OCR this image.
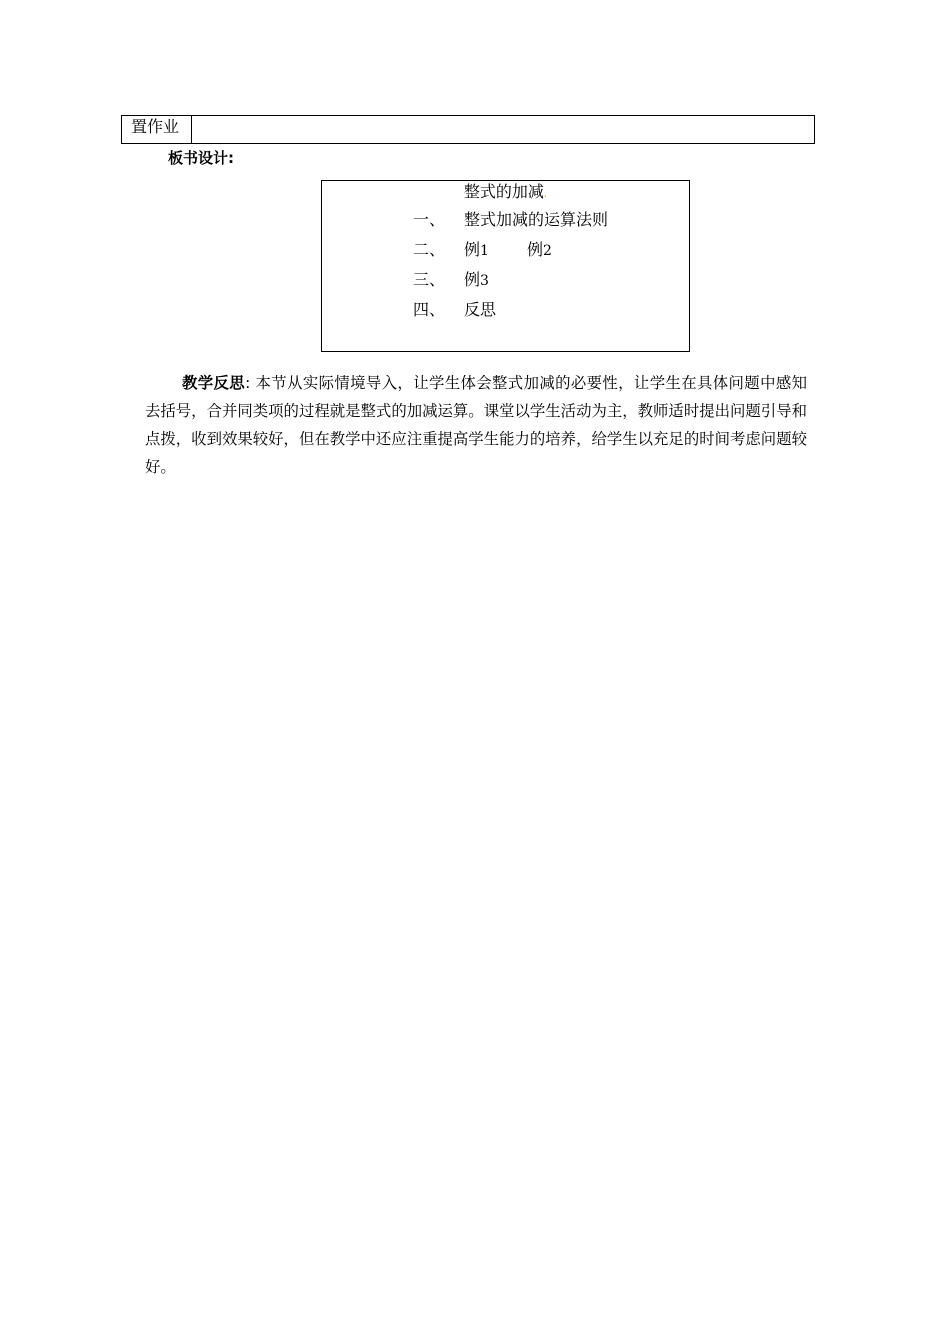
置作业
板书设计:
整式的加减.
一、 整式加减的运算法则
二、 例1 例2
三、 例3
四、 反思

教学反思: 本节从实际情境导入，让学生体会整式加减的必要性，让学生在具体问题中感知去括号，合并同类项的过程就是整式的加减运算。课堂以学生活动为主，教师适时提出问题引导和点拨，收到效果较好，但在教学中还应注重提高学生能力的培养，给学生以充足的时间考虑问题较好。
